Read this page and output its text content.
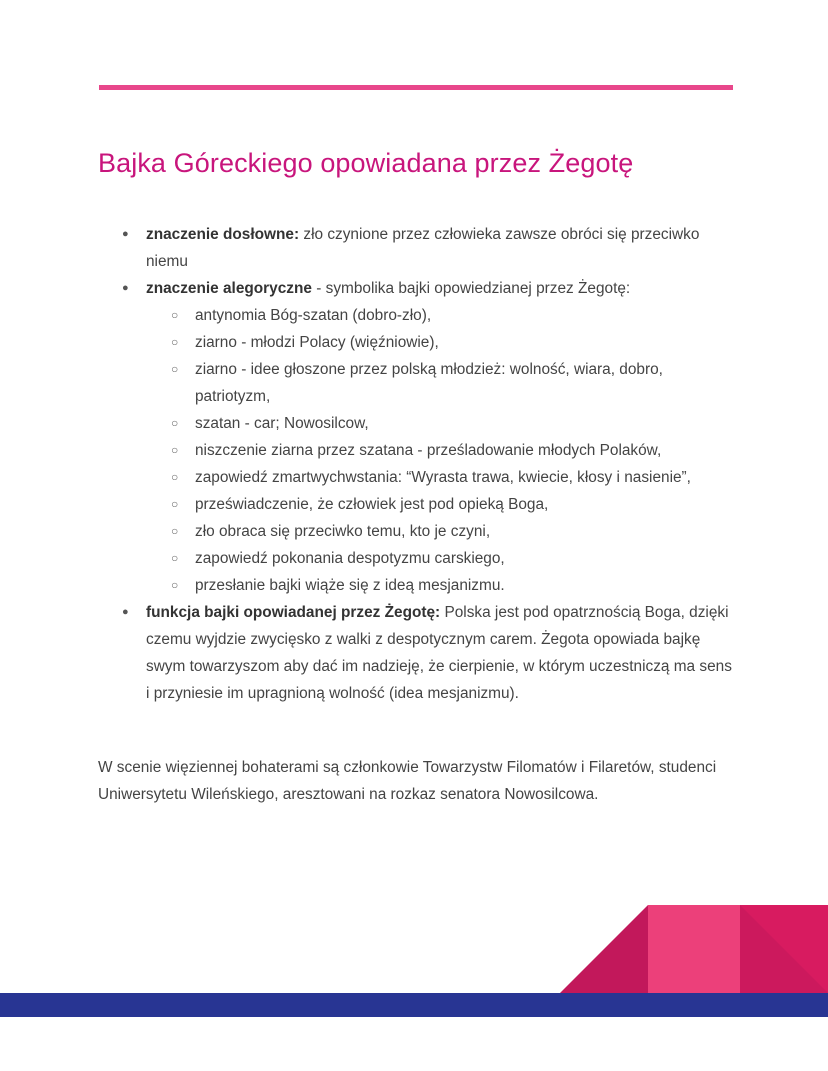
Bajka Góreckiego opowiadana przez Żegotę
● znaczenie dosłowne: zło czynione przez człowieka zawsze obróci się przeciwko niemu
● znaczenie alegoryczne - symbolika bajki opowiedzianej przez Żegotę:
○ antynomia Bóg-szatan (dobro-zło),
○ ziarno - młodzi Polacy (więźniowie),
○ ziarno - idee głoszone przez polską młodzież: wolność, wiara, dobro, patriotyzm,
○ szatan - car; Nowosilcow,
○ niszczenie ziarna przez szatana - prześladowanie młodych Polaków,
○ zapowiedź zmartwychwstania: “Wyrasta trawa, kwiecie, kłosy i nasienie”,
○ przeświadczenie, że człowiek jest pod opieką Boga,
○ zło obraca się przeciwko temu, kto je czyni,
○ zapowiedź pokonania despotyzmu carskiego,
○ przesłanie bajki wiąże się z ideą mesjanizmu.
● funkcja bajki opowiadanej przez Żegotę: Polska jest pod opatrznością Boga, dzięki czemu wyjdzie zwycięsko z walki z despotycznym carem. Żegota opowiada bajkę swym towarzyszom aby dać im nadzieję, że cierpienie, w którym uczestniczą ma sens i przyniesie im upragnioną wolność (idea mesjanizmu).

W scenie więziennej bohaterami są członkowie Towarzystw Filomatów i Filaretów, studenci Uniwersytetu Wileńskiego, aresztowani na rozkaz senatora Nowosilcowa.
